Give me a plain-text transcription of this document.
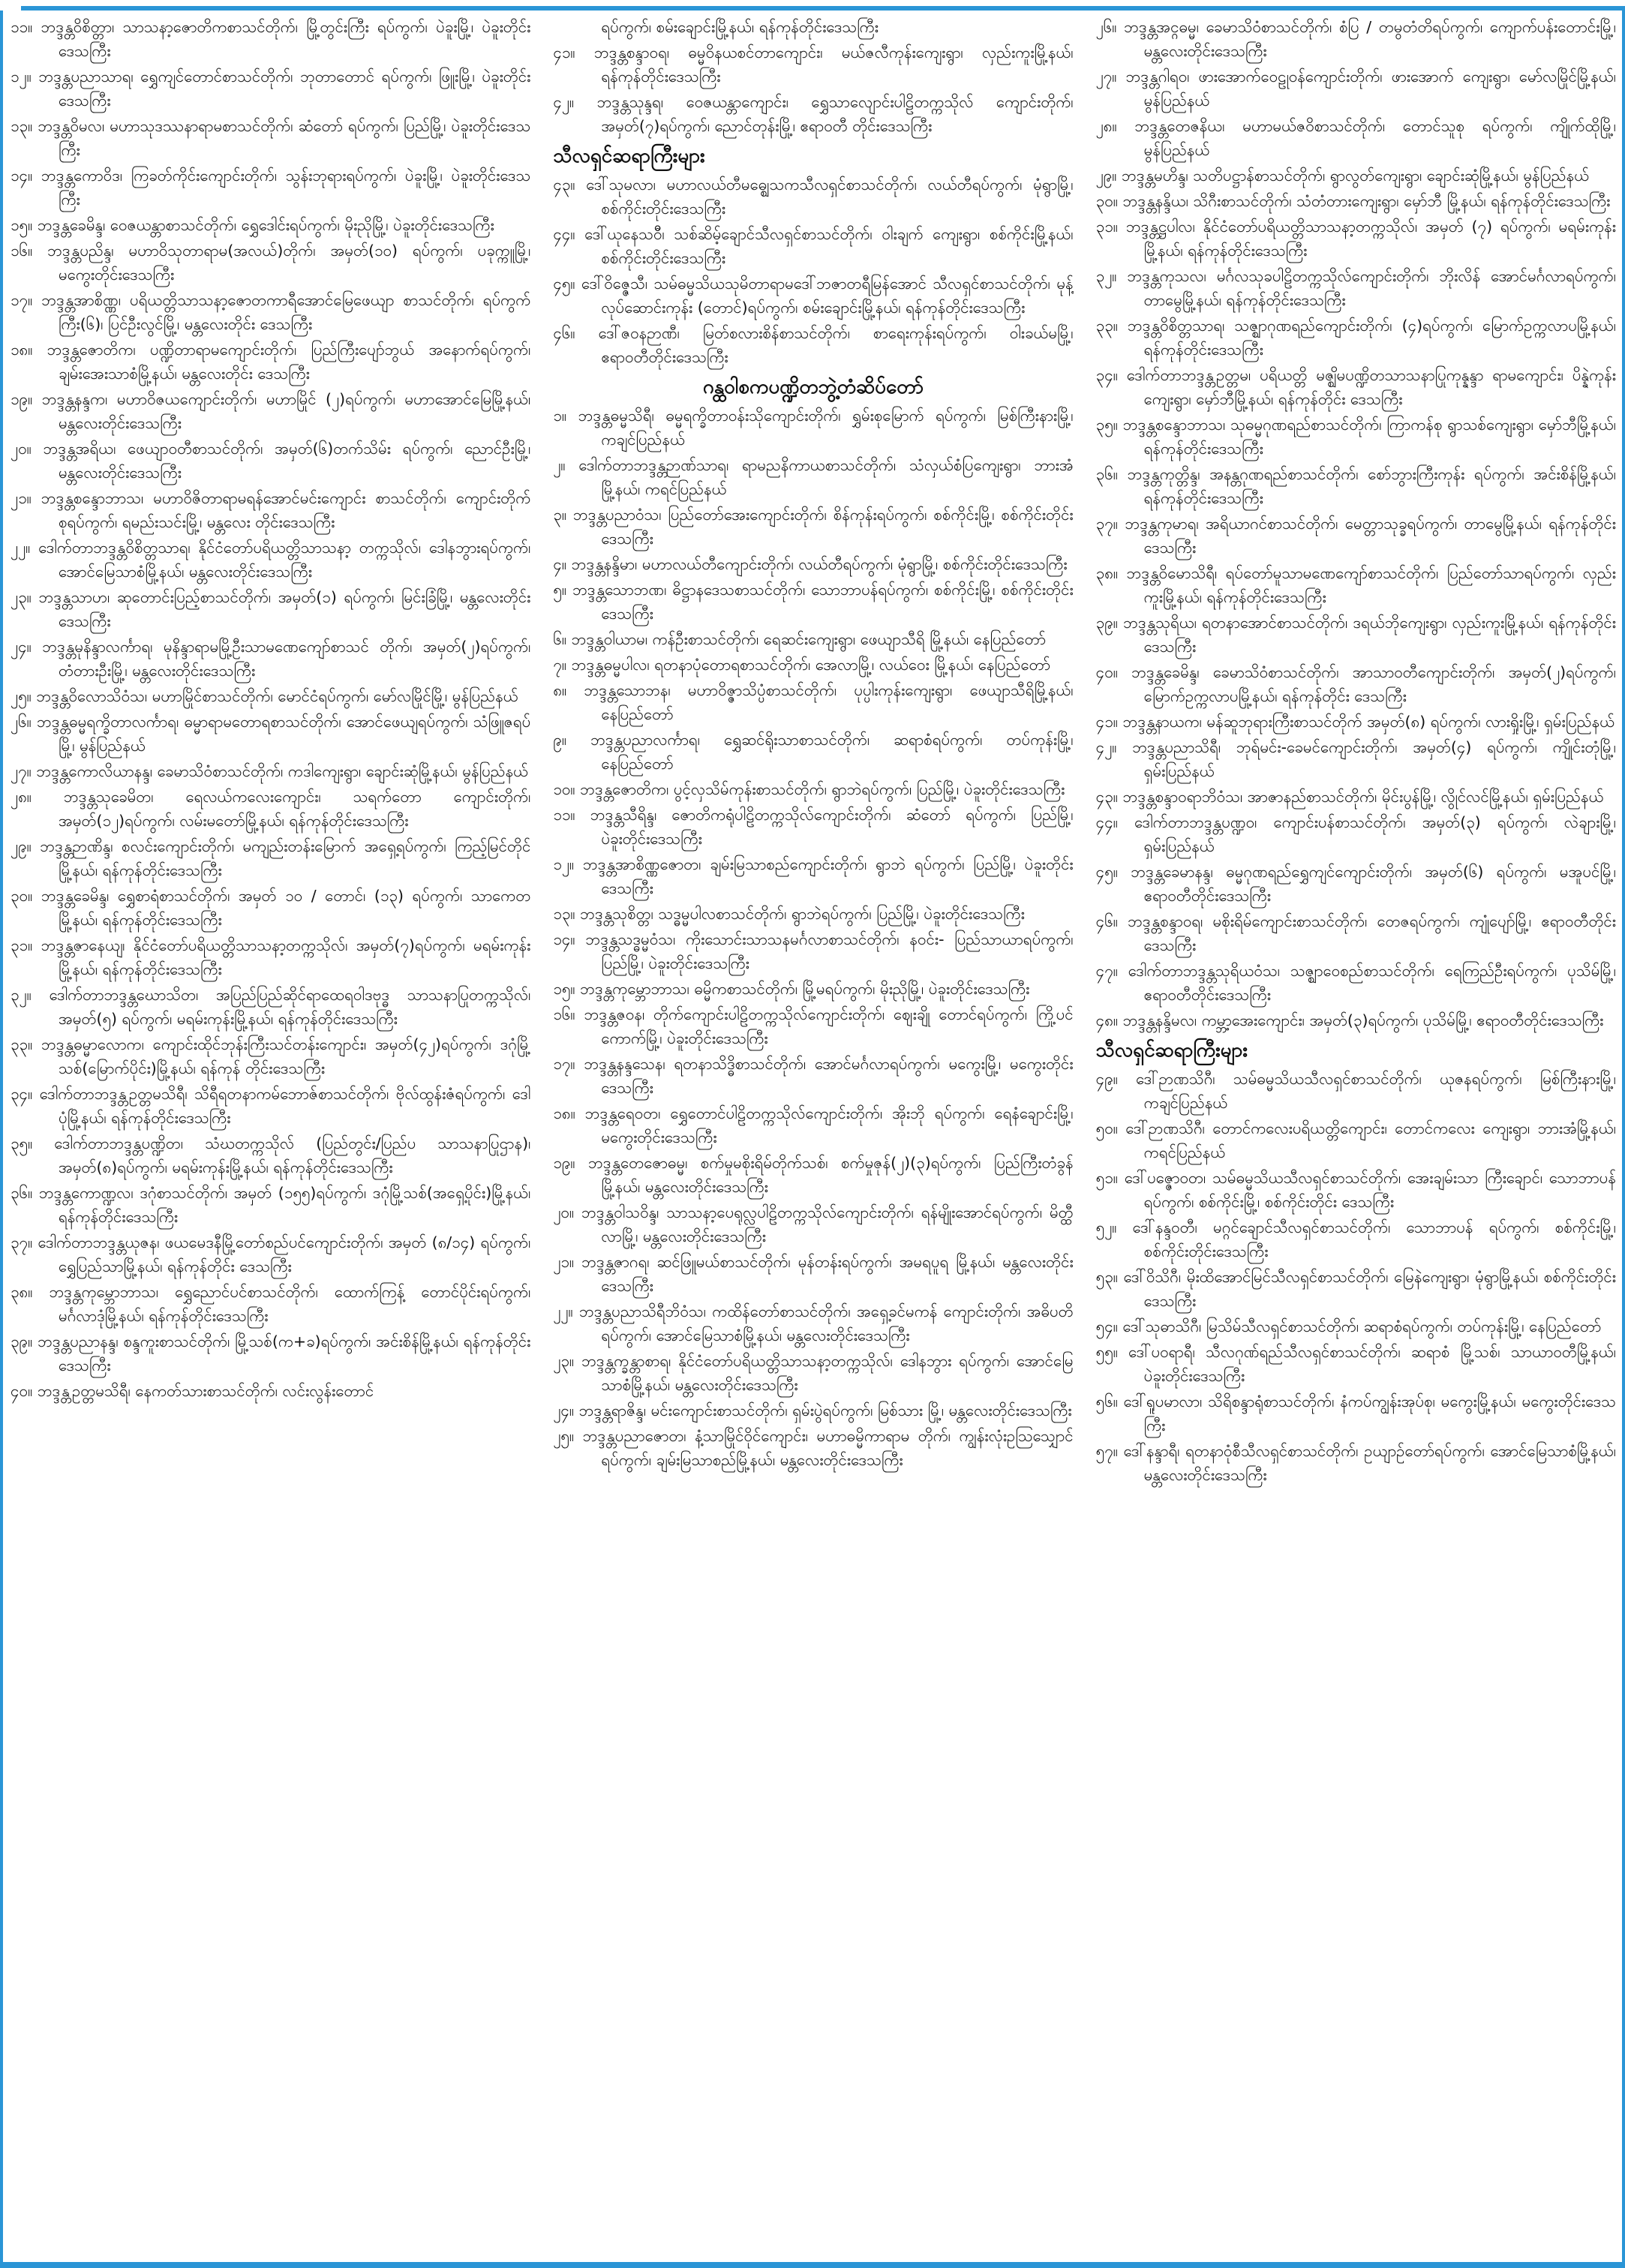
၁၁။ ဘဒ္ဒန္တဝိစိတ္တာ၊ သာသနာ့ဇောတိကစာသင်တိုက်၊ မြို့တွင်းကြီး ရပ်ကွက်၊ ပဲခူးမြို့၊ ပဲခူးတိုင်းဒေသကြီး
၁၂။ ဘဒ္ဒန္တပညာသာရ၊ ရွှေကျင်တောင်စာသင်တိုက်၊ ဘုတာတောင် ရပ်ကွက်၊ ဖြူးမြို့၊ ပဲခူးတိုင်းဒေသကြီး
၁၃။ ဘဒ္ဒန္တဝိမလ၊ မဟာသုဒဿနာရာမစာသင်တိုက်၊ ဆံတော် ရပ်ကွက်၊ ပြည်မြို့၊ ပဲခူးတိုင်းဒေသကြီး
၁၄။ ဘဒ္ဒန္တကောဝိဒ၊ ကြခတ်ကိုင်းကျောင်းတိုက်၊ သွန်းဘုရားရပ်ကွက်၊ ပဲခူးမြို့၊ ပဲခူးတိုင်းဒေသကြီး
၁၅။ ဘဒ္ဒန္တခေမိန္ဒ၊ ဝေဇယန္တာစာသင်တိုက်၊ ရွှေဒေါင်းရပ်ကွက်၊ မိုးညိုမြို့၊ ပဲခူးတိုင်းဒေသကြီး
၁၆။ ဘဒ္ဒန္တပညိန္ဒ၊ မဟာဝိသုတာရာမ(အလယ်)တိုက်၊ အမှတ်(၁၀) ရပ်ကွက်၊ ပခုက္ကူမြို့၊ မကွေးတိုင်းဒေသကြီး
၁၇။ ဘဒ္ဒန္တအာစိဏ္ဏ၊ ပရိယတ္တိသာသနာ့ဇောတကာရီအောင်မြေဖေယျာ စာသင်တိုက်၊ ရပ်ကွက်ကြီး(၆)၊ ပြင်ဦးလွင်မြို့၊ မန္တလေးတိုင်း ဒေသကြီး
၁၈။ ဘဒ္ဒန္တဇောတိက၊ ပဏ္ဍိတာရာမကျောင်းတိုက်၊ ပြည်ကြီးပျော်ဘွယ် အနောက်ရပ်ကွက်၊ ချမ်းအေးသာစံမြို့နယ်၊ မန္တလေးတိုင်း ဒေသကြီး
၁၉။ ဘဒ္ဒန္တနန္ဒက၊ မဟာဝိဇယကျောင်းတိုက်၊ မဟာမြိုင် (၂)ရပ်ကွက်၊ မဟာအောင်မြေမြို့နယ်၊ မန္တလေးတိုင်းဒေသကြီး
၂၀။ ဘဒ္ဒန္တအရိယ၊ ဖေယျာဝတီစာသင်တိုက်၊ အမှတ်(၆)တက်သိမ်း ရပ်ကွက်၊ ညောင်ဦးမြို့၊ မန္တလေးတိုင်းဒေသကြီး
၂၁။ ဘဒ္ဒန္တစန္ဒောဘာသ၊ မဟာဝိဇိတာရာမရန်အောင်မင်းကျောင်း စာသင်တိုက်၊ ကျောင်းတိုက်စုရပ်ကွက်၊ ရမည်းသင်းမြို့၊ မန္တလေး တိုင်းဒေသကြီး
၂၂။ ဒေါက်တာဘဒ္ဒန္တဝိစိတ္တသာရ၊ နိုင်ငံတော်ပရိယတ္တိသာသနာ့ တက္ကသိုလ်၊ ဒေါနဘွားရပ်ကွက်၊ အောင်မြေသာစံမြို့နယ်၊ မန္တလေးတိုင်းဒေသကြီး
၂၃။ ဘဒ္ဒန္တသာဟ၊ ဆုတောင်းပြည့်စာသင်တိုက်၊ အမှတ်(၁) ရပ်ကွက်၊ မြင်းခြံမြို့၊ မန္တလေးတိုင်းဒေသကြီး
၂၄။ ဘဒ္ဒန္တမုနိန္ဒာလင်္ကာရ၊ မုနိန္ဒာရာမမြို့ဦးသာမဏေကျော်စာသင် တိုက်၊ အမှတ်(၂)ရပ်ကွက်၊ တံတားဦးမြို့၊ မန္တလေးတိုင်းဒေသကြီး
၂၅။ ဘဒ္ဒန္တဝိလောသိဝံသ၊ မဟာမြိုင်စာသင်တိုက်၊ မောင်ငံရပ်ကွက်၊ မော်လမြိုင်မြို့၊ မွန်ပြည်နယ်
၂၆။ ဘဒ္ဒန္တဓမ္မရက္ခိတာလင်္ကာရ၊ ဓမ္မာရာမတောရစာသင်တိုက်၊ အောင်ဖေယျရပ်ကွက်၊ သံဖြူဇရပ်မြို့၊ မွန်ပြည်နယ်
၂၇။ ဘဒ္ဒန္တကောလိယာနန္ဒ၊ ခေမာသိဝံစာသင်တိုက်၊ ကဒါကျေးရွာ၊ ချောင်းဆုံမြို့နယ်၊ မွန်ပြည်နယ်
၂၈။ ဘဒ္ဒန္တသုခေမိတ၊ ရေလယ်ကလေးကျောင်း၊ သရက်တော ကျောင်းတိုက်၊ အမှတ်(၁၂)ရပ်ကွက်၊ လမ်းမတော်မြို့နယ်၊ ရန်ကုန်တိုင်းဒေသကြီး
၂၉။ ဘဒ္ဒန္တဉာဏိန္ဒ၊ စလင်းကျောင်းတိုက်၊ မကျည်းတန်းမြောက် အရှေ့ရပ်ကွက်၊ ကြည့်မြင်တိုင်မြို့နယ်၊ ရန်ကုန်တိုင်းဒေသကြီး
၃၀။ ဘဒ္ဒန္တခေမိန္ဒ၊ ရွှေစာရံစာသင်တိုက်၊ အမှတ် ၁၀ / တောင်၊ (၁၃) ရပ်ကွက်၊ သာကေတမြို့နယ်၊ ရန်ကုန်တိုင်းဒေသကြီး
၃၁။ ဘဒ္ဒန္တဇာနေယျ၊ နိုင်ငံတော်ပရိယတ္တိသာသနာ့တက္ကသိုလ်၊ အမှတ်(၇)ရပ်ကွက်၊ မရမ်းကုန်းမြို့နယ်၊ ရန်ကုန်တိုင်းဒေသကြီး
၃၂။ ဒေါက်တာဘဒ္ဒန္တဃောသိတ၊ အပြည်ပြည်ဆိုင်ရာထေရဝါဒဗုဒ္ဓ သာသနာပြုတက္ကသိုလ်၊ အမှတ်(၅) ရပ်ကွက်၊ မရမ်းကုန်းမြို့နယ်၊ ရန်ကုန်တိုင်းဒေသကြီး
၃၃။ ဘဒ္ဒန္တဓမ္မာလောက၊ ကျောင်းထိုင်ဘုန်းကြီးသင်တန်းကျောင်း၊ အမှတ်(၄၂)ရပ်ကွက်၊ ဒဂုံမြို့သစ်(မြောက်ပိုင်း)မြို့နယ်၊ ရန်ကုန် တိုင်းဒေသကြီး
၃၄။ ဒေါက်တာဘဒ္ဒန္တဥတ္တမသိရီ၊ သိရီရတနာကမ်ဘောဇ်စာသင်တိုက်၊ ဗိုလ်ထွန်းဇံရပ်ကွက်၊ ဒေါပုံမြို့နယ်၊ ရန်ကုန်တိုင်းဒေသကြီး
၃၅။ ဒေါက်တာဘဒ္ဒန္တပဏ္ဍိတ၊ သံဃတက္ကသိုလ် (ပြည်တွင်း/ပြည်ပ သာသနာပြုဌာန)၊ အမှတ်(၈)ရပ်ကွက်၊ မရမ်းကုန်းမြို့နယ်၊ ရန်ကုန်တိုင်းဒေသကြီး
၃၆။ ဘဒ္ဒန္တကောဏ္ဍလ၊ ဒဂုံစာသင်တိုက်၊ အမှတ် (၁၅၅)ရပ်ကွက်၊ ဒဂုံမြို့သစ်(အရှေ့ပိုင်း)မြို့နယ်၊ ရန်ကုန်တိုင်းဒေသကြီး
၃၇။ ဒေါက်တာဘဒ္ဒန္တယုဇန၊ ဖယမေဒနီမြို့တော်စည်ပင်ကျောင်းတိုက်၊ အမှတ် (၈/၁၄) ရပ်ကွက်၊ ရွှေပြည်သာမြို့နယ်၊ ရန်ကုန်တိုင်း ဒေသကြီး
၃၈။ ဘဒ္ဒန္တကုမ္ဘောဘာသ၊ ရွှေညောင်ပင်စာသင်တိုက်၊ ထောက်ကြန့် တောင်ပိုင်းရပ်ကွက်၊ မင်္ဂလာဒုံမြို့နယ်၊ ရန်ကုန်တိုင်းဒေသကြီး
၃၉။ ဘဒ္ဒန္တပညာနန္ဒ၊ စန္ဒကူးစာသင်တိုက်၊ မြို့သစ်(က+ခ)ရပ်ကွက်၊ အင်းစိန်မြို့နယ်၊ ရန်ကုန်တိုင်းဒေသကြီး
၄၀။ ဘဒ္ဒန္တဥတ္တမသိရီ၊ နေကတ်သားစာသင်တိုက်၊ လင်းလွန်းတောင်
ရပ်ကွက်၊ စမ်းချောင်းမြို့နယ်၊ ရန်ကုန်တိုင်းဒေသကြီး
၄၁။ ဘဒ္ဒန္တစန္ဒာဝရ၊ ဓမ္မဝိနယစင်တာကျောင်း၊ မယ်ဇလီကုန်းကျေးရွာ၊ လှည်းကူးမြို့နယ်၊ ရန်ကုန်တိုင်းဒေသကြီး
၄၂။ ဘဒ္ဒန္တသုန္ဒရ၊ ဝေဇယန္တာကျောင်း၊ ရွှေသာလျောင်းပါဠိတက္ကသိုလ် ကျောင်းတိုက်၊ အမှတ်(၇)ရပ်ကွက်၊ ညောင်တုန်းမြို့၊ ဧရာဝတီ တိုင်းဒေသကြီး
သီလရှင်ဆရာကြီးများ
၄၃။ ဒေါ်သုမလာ၊ မဟာလယ်တီမဓ္ဈေသကသီလရှင်စာသင်တိုက်၊ လယ်တီရပ်ကွက်၊ မုံရွာမြို့၊ စစ်ကိုင်းတိုင်းဒေသကြီး
၄၄။ ဒေါ်ယုနေသဝိီ၊ သစ်ဆိမ့်ချောင်သီလရှင်စာသင်တိုက်၊ ဝါးချက် ကျေးရွာ၊ စစ်ကိုင်းမြို့နယ်၊ စစ်ကိုင်းတိုင်းဒေသကြီး
၄၅။ ဒေါ်ဝိဇ္ဇေသီ၊ သမ်ဓမ္မသိယသုမိတာရာမဒေါ်ဘဇာတရီမြန်အောင် သီလရှင်စာသင်တိုက်၊ မုန့်လုပ်ဆောင်းကုန်း (တောင်)ရပ်ကွက်၊ စမ်းချောင်းမြို့နယ်၊ ရန်ကုန်တိုင်းဒေသကြီး
၄၆။ ဒေါ်ဇဝနဉာဏီ၊ မြတ်စလားစိန်စာသင်တိုက်၊ စာရေးကုန်းရပ်ကွက်၊ ဝါးခယ်မမြို့၊ ဧရာဝတီတိုင်းဒေသကြီး
ဂန္ထဝါစကပဏ္ဍိတဘွဲ့တံဆိပ်တော်
၁။ ဘဒ္ဒန္တဓမ္မသိရီ၊ ဓမ္မရက္ခိတာဝန်းသိုကျောင်းတိုက်၊ ရွှမ်းစုမြောက် ရပ်ကွက်၊ မြစ်ကြီးနားမြို့၊ ကချင်ပြည်နယ်
၂။ ဒေါက်တာဘဒ္ဒန္တဉာဏ်သာရ၊ ရာမညနိကာယစာသင်တိုက်၊ သံလှယ်စံပြကျေးရွာ၊ ဘားအံမြို့နယ်၊ ကရင်ပြည်နယ်
၃။ ဘဒ္ဒန္တပညာဝံသ၊ ပြည်တော်အေးကျောင်းတိုက်၊ စိန်ကုန်းရပ်ကွက်၊ စစ်ကိုင်းမြို့၊ စစ်ကိုင်းတိုင်းဒေသကြီး
၄။ ဘဒ္ဒန္တနန္ဒိမာ၊ မဟာလယ်တီကျောင်းတိုက်၊ လယ်တီရပ်ကွက်၊ မုံရွာမြို့၊ စစ်ကိုင်းတိုင်းဒေသကြီး
၅။ ဘဒ္ဒန္တသောဘဏ၊ ဓိဋ္ဌာနဒေသစာသင်တိုက်၊ သောဘာပန်ရပ်ကွက်၊ စစ်ကိုင်းမြို့၊ စစ်ကိုင်းတိုင်းဒေသကြီး
၆။ ဘဒ္ဒန္တဝါယာမ၊ ကန်ဦးစာသင်တိုက်၊ ရေဆင်းကျေးရွာ၊ ဖေယျာသီရိ မြို့နယ်၊ နေပြည်တော်
၇။ ဘဒ္ဒန္တဓမ္မပါလ၊ ရတနာပုံတောရစာသင်တိုက်၊ အေလာမြို့၊ လယ်ဝေး မြို့နယ်၊ နေပြည်တော်
၈။ ဘဒ္ဒန္တသောဘန၊ မဟာဝိဇ္ဇာသိပ္ပံစာသင်တိုက်၊ ပုပ္ပါးကုန်းကျေးရွာ၊ ဖေယျာသီရိမြို့နယ်၊ နေပြည်တော်
၉။ ဘဒ္ဒန္တပညာလင်္ကာရ၊ ရွှေဆင်ရိုးသာစာသင်တိုက်၊ ဆရာစံရပ်ကွက်၊ တပ်ကုန်းမြို့၊ နေပြည်တော်
၁၀။ ဘဒ္ဒန္တဇောတိက၊ ပွင့်လှသိမ်ကုန်းစာသင်တိုက်၊ ရွာဘဲရပ်ကွက်၊ ပြည်မြို့၊ ပဲခူးတိုင်းဒေသကြီး
၁၁။ ဘဒ္ဒန္တသီရိန္ဒ၊ ဇောတိကရုံပါဠိတက္ကသိုလ်ကျောင်းတိုက်၊ ဆံတော် ရပ်ကွက်၊ ပြည်မြို့၊ ပဲခူးတိုင်းဒေသကြီး
၁၂။ ဘဒ္ဒန္တအာစိဏ္ဏဇောတ၊ ချမ်းမြသာစည်ကျောင်းတိုက်၊ ရွာဘဲ ရပ်ကွက်၊ ပြည်မြို့၊ ပဲခူးတိုင်းဒေသကြီး
၁၃။ ဘဒ္ဒန္တသုစိတ္တ၊ သဒ္ဓမ္မပါလစာသင်တိုက်၊ ရွာဘဲရပ်ကွက်၊ ပြည်မြို့၊ ပဲခူးတိုင်းဒေသကြီး
၁၄။ ဘဒ္ဒန္တသဒ္ဓမ္မဝံသ၊ ကိုးသောင်းသာသနမင်္ဂလာစာသင်တိုက်၊ နဝင်း- ပြည်သာယာရပ်ကွက်၊ ပြည်မြို့၊ ပဲခူးတိုင်းဒေသကြီး
၁၅။ ဘဒ္ဒန္တကုမ္ဘောဘာသ၊ ဓမ္မိကစာသင်တိုက်၊ မြို့မရပ်ကွက်၊ မိုးညိုမြို့၊ ပဲခူးတိုင်းဒေသကြီး
၁၆။ ဘဒ္ဒန္တဇဝန၊ တိုက်ကျောင်းပါဠိတက္ကသိုလ်ကျောင်းတိုက်၊ ဈေးချို တောင်ရပ်ကွက်၊ ကြို့ပင်ကောက်မြို့၊ ပဲခူးတိုင်းဒေသကြီး
၁၇။ ဘဒ္ဒန္တနန္ဒသေန၊ ရတနာသိဒ္ဓိစာသင်တိုက်၊ အောင်မင်္ဂလာရပ်ကွက်၊ မကွေးမြို့၊ မကွေးတိုင်းဒေသကြီး
၁၈။ ဘဒ္ဒန္တရေဝတ၊ ရွှေတောင်ပါဠိတက္ကသိုလ်ကျောင်းတိုက်၊ အိုးဘို ရပ်ကွက်၊ ရေနံချောင်းမြို့၊ မကွေးတိုင်းဒေသကြီး
၁၉။ ဘဒ္ဒန္တတေဇောဓမ္မ၊ စက်မှုမစိုးရိမ်တိုက်သစ်၊ စက်မှုဇုန်(၂)(၃)ရပ်ကွက်၊ ပြည်ကြီးတံခွန်မြို့နယ်၊ မန္တလေးတိုင်းဒေသကြီး
၂၀။ ဘဒ္ဒန္တဝါသဝိန္ဒ၊ သာသနာ့ပေရုလ္လပါဠိတက္ကသိုလ်ကျောင်းတိုက်၊ ရန်မျိုးအောင်ရပ်ကွက်၊ မိတ္ထီလာမြို့၊ မန္တလေးတိုင်းဒေသကြီး
၂၁။ ဘဒ္ဒန္တဇာဂရ၊ ဆင်ဖြူမယ်စာသင်တိုက်၊ မုန်တန်းရပ်ကွက်၊ အမရပူရ မြို့နယ်၊ မန္တလေးတိုင်းဒေသကြီး
၂၂။ ဘဒ္ဒန္တပညာသိရီဘိဝံသ၊ ကထိန်တော်စာသင်တိုက်၊ အရှေ့ခင်မကန် ကျောင်းတိုက်၊ အဓိပတိရပ်ကွက်၊ အောင်မြေသာစံမြို့နယ်၊ မန္တလေးတိုင်းဒေသကြီး
၂၃။ ဘဒ္ဒန္တက္ခန္တာစာရ၊ နိုင်ငံတော်ပရိယတ္တိသာသနာ့တက္ကသိုလ်၊ ဒေါနဘွား ရပ်ကွက်၊ အောင်မြေသာစံမြို့နယ်၊ မန္တလေးတိုင်းဒေသကြီး
၂၄။ ဘဒ္ဒန္တရာဇိန္ဒ၊ မင်းကျောင်းစာသင်တိုက်၊ ရှမ်းပွဲရပ်ကွက်၊ မြစ်သား မြို့၊ မန္တလေးတိုင်းဒေသကြီး
၂၅။ ဘဒ္ဒန္တပညာဇောတ၊ နံ့သာမြိုင်ဝိုင်ကျောင်း၊ မဟာဓမ္မိကာရာမ တိုက်၊ ကျွန်းလုံးဥဩသျှောင်ရပ်ကွက်၊ ချမ်းမြသာစည်မြို့နယ်၊ မန္တလေးတိုင်းဒေသကြီး
၂၆။ ဘဒ္ဒန္တအင္ဂဓမ္မ၊ ခေမာသိဝံစာသင်တိုက်၊ စံပြ / တမွတံတိရပ်ကွက်၊ ကျောက်ပန်းတောင်းမြို့၊ မန္တလေးတိုင်းဒေသကြီး
၂၇။ ဘဒ္ဒန္တဂါရဝ၊ ဖားအောက်ဝေဠုဝန်ကျောင်းတိုက်၊ ဖားအောက် ကျေးရွာ၊ မော်လမြိုင်မြို့နယ်၊ မွန်ပြည်နယ်
၂၈။ ဘဒ္ဒန္တတေဇနိယ၊ မဟာမယ်ဇဝိစာသင်တိုက်၊ တောင်သူစု ရပ်ကွက်၊ ကျိုက်ထိုမြို့၊ မွန်ပြည်နယ်
၂၉။ ဘဒ္ဒန္တမဟိန္ဒ၊ သတိပဋ္ဌာန်စာသင်တိုက်၊ ရွာလွတ်ကျေးရွာ၊ ချောင်းဆုံမြို့နယ်၊ မွန်ပြည်နယ်
၃၀။ ဘဒ္ဒန္တနန္ဒိယ၊ သိဂီးစာသင်တိုက်၊ သံတံတားကျေးရွာ၊ မှော်ဘီ မြို့နယ်၊ ရန်ကုန်တိုင်းဒေသကြီး
၃၁။ ဘဒ္ဒန္တဋ္ဌပါလ၊ နိုင်ငံတော်ပရိယတ္တိသာသနာ့တက္ကသိုလ်၊ အမှတ် (၇) ရပ်ကွက်၊ မရမ်းကုန်းမြို့နယ်၊ ရန်ကုန်တိုင်းဒေသကြီး
၃၂။ ဘဒ္ဒန္တကုသလ၊ မင်္ဂလသုခပါဠိတက္ကသိုလ်ကျောင်းတိုက်၊ ဘိုးလိန် အောင်မင်္ဂလာရပ်ကွက်၊ တာမွေမြို့နယ်၊ ရန်ကုန်တိုင်းဒေသကြီး
၃၃။ ဘဒ္ဒန္တဝိစိတ္တသာရ၊ သဇ္ဈာဂုဏရည်ကျောင်းတိုက်၊ (၄)ရပ်ကွက်၊ မြောက်ဥက္ကလာပမြို့နယ်၊ ရန်ကုန်တိုင်းဒေသကြီး
၃၄။ ဒေါက်တာဘဒ္ဒန္တဥတ္တမ၊ ပရိယတ္တိ မဇ္ဈိမပဏ္ဍိတသာသနာပြုကုန္နန္ဒာ ရာမကျောင်း၊ ပိန္နဲကုန်းကျေးရွာ၊ မှော်ဘီမြို့နယ်၊ ရန်ကုန်တိုင်း ဒေသကြီး
၃၅။ ဘဒ္ဒန္တစန္ဒောဘာသ၊ သုဓမ္မဂုဏရည်စာသင်တိုက်၊ ကြာကန်စု ရွာသစ်ကျေးရွာ၊ မှော်ဘီမြို့နယ်၊ ရန်ကုန်တိုင်းဒေသကြီး
၃၆။ ဘဒ္ဒန္တကုတ္တိန္ဒ၊ အနန္တဂုဏရည်စာသင်တိုက်၊ စော်ဘွားကြီးကုန်း ရပ်ကွက်၊ အင်းစိန်မြို့နယ်၊ ရန်ကုန်တိုင်းဒေသကြီး
၃၇။ ဘဒ္ဒန္တကုမာရ၊ အရိယာဂင်စာသင်တိုက်၊ မေတ္တာသုခ္ခရပ်ကွက်၊ တာမွေမြို့နယ်၊ ရန်ကုန်တိုင်းဒေသကြီး
၃၈။ ဘဒ္ဒန္တဝိမောသိရီ၊ ရပ်တော်မူသာမဏေကျော်စာသင်တိုက်၊ ပြည်တော်သာရပ်ကွက်၊ လှည်းကူးမြို့နယ်၊ ရန်ကုန်တိုင်းဒေသကြီး
၃၉။ ဘဒ္ဒန္တသုရိယ၊ ရတနာအောင်စာသင်တိုက်၊ ဒရယ်ဘိုကျေးရွာ၊ လှည်းကူးမြို့နယ်၊ ရန်ကုန်တိုင်းဒေသကြီး
၄၀။ ဘဒ္ဒန္တခေမိန္ဒ၊ ခေမာသိဝံစာသင်တိုက်၊ အာသာဝတီကျောင်းတိုက်၊ အမှတ်(၂)ရပ်ကွက်၊ မြောက်ဥက္ကလာပမြို့နယ်၊ ရန်ကုန်တိုင်း ဒေသကြီး
၄၁။ ဘဒ္ဒန္တနာယက၊ မန်ဆူဘုရားကြီးစာသင်တိုက် အမှတ်(၈) ရပ်ကွက်၊ လားရှိုးမြို့၊ ရှမ်းပြည်နယ်
၄၂။ ဘဒ္ဒန္တပညာသိရီ၊ ဘုရ်မင်း-ခေမင်ကျောင်းတိုက်၊ အမှတ်(၄) ရပ်ကွက်၊ ကျိုင်းတုံမြို့၊ ရှမ်းပြည်နယ်
၄၃။ ဘဒ္ဒန္တစန္ဒာဝရာဘိဝံသ၊ အာဇာနည်စာသင်တိုက်၊ မိုင်းပွန်မြို့၊ လွိုင်လင်မြို့နယ်၊ ရှမ်းပြည်နယ်
၄၄။ ဒေါက်တာဘဒ္ဒန္တပဏ္ဍဝ၊ ကျောင်းပန်စာသင်တိုက်၊ အမှတ်(၃) ရပ်ကွက်၊ လဲချားမြို့၊ ရှမ်းပြည်နယ်
၄၅။ ဘဒ္ဒန္တခေမာနန္ဒ၊ ဓမ္မဂုဏရည်ရွှေကျင်ကျောင်းတိုက်၊ အမှတ်(၆) ရပ်ကွက်၊ မအူပင်မြို့၊ ဧရာဝတီတိုင်းဒေသကြီး
၄၆။ ဘဒ္ဒန္တစန္ဒာဝရ၊ မစိုးရိမ်ကျောင်းစာသင်တိုက်၊ တေဇရပ်ကွက်၊ ကျုံပျော်မြို့၊ ဧရာဝတီတိုင်းဒေသကြီး
၄၇။ ဒေါက်တာဘဒ္ဒန္တသုရိယဝံသ၊ သဇ္ဈာဝေစည်စာသင်တိုက်၊ ရေကြည်ဦးရပ်ကွက်၊ ပုသိမ်မြို့၊ ဧရာဝတီတိုင်းဒေသကြီး
၄၈။ ဘဒ္ဒန္တနန္ဒိမလ၊ ကမ္ဘာ့အေးကျောင်း၊ အမှတ်(၃)ရပ်ကွက်၊ ပုသိမ်မြို့၊ ဧရာဝတီတိုင်းဒေသကြီး
သီလရှင်ဆရာကြီးများ
၄၉။ ဒေါ်ဉာဏသိဂီ၊ သမ်ဓမ္မသိယသီလရှင်စာသင်တိုက်၊ ယုဇနရပ်ကွက်၊ မြစ်ကြီးနားမြို့၊ ကချင်ပြည်နယ်
၅၀။ ဒေါ်ဉာဏသိဂီ၊ တောင်ကလေးပရိယတ္တိကျောင်း၊ တောင်ကလေး ကျေးရွာ၊ ဘားအံမြို့နယ်၊ ကရင်ပြည်နယ်
၅၁။ ဒေါ်ပဇ္ဇောဝတ၊ သမ်ဓမ္မသိယသီလရှင်စာသင်တိုက်၊ အေးချမ်းသာ ကြီးချောင်၊ သောဘာပန်ရပ်ကွက်၊ စစ်ကိုင်းမြို့၊ စစ်ကိုင်းတိုင်း ဒေသကြီး
၅၂။ ဒေါ်နန္ဒဝတီ၊ မဂ္ဂင်ချောင်သီလရှင်စာသင်တိုက်၊ သောဘာပန် ရပ်ကွက်၊ စစ်ကိုင်းမြို့၊ စစ်ကိုင်းတိုင်းဒေသကြီး
၅၃။ ဒေါ်ဝိသိဂီ၊ မိုးထိအောင်မြင်သီလရှင်စာသင်တိုက်၊ မြေနဲကျေးရွာ၊ မုံရွာမြို့နယ်၊ စစ်ကိုင်းတိုင်းဒေသကြီး
၅၄။ ဒေါ်သုဓာသိဂီ၊ မြသိမ်သီလရှင်စာသင်တိုက်၊ ဆရာစံရပ်ကွက်၊ တပ်ကုန်းမြို့၊ နေပြည်တော်
၅၅။ ဒေါ်ပဝရာရီ၊ သီလဂုဏ်ရည်သီလရှင်စာသင်တိုက်၊ ဆရာစံ မြို့သစ်၊ သာယာဝတီမြို့နယ်၊ ပဲခူးတိုင်းဒေသကြီး
၅၆။ ဒေါ်ရူပမာလာ၊ သိရိစန္ဒာရုံစာသင်တိုက်၊ နံကပ်ကျွန်းအုပ်စု၊ မကွေးမြို့နယ်၊ မကွေးတိုင်းဒေသကြီး
၅၇။ ဒေါ်နန္ဒာရီ၊ ရတနာဝုံစီသီလရှင်စာသင်တိုက်၊ ဥယျာဉ်တော်ရပ်ကွက်၊ အောင်မြေသာစံမြို့နယ်၊ မန္တလေးတိုင်းဒေသကြီး
